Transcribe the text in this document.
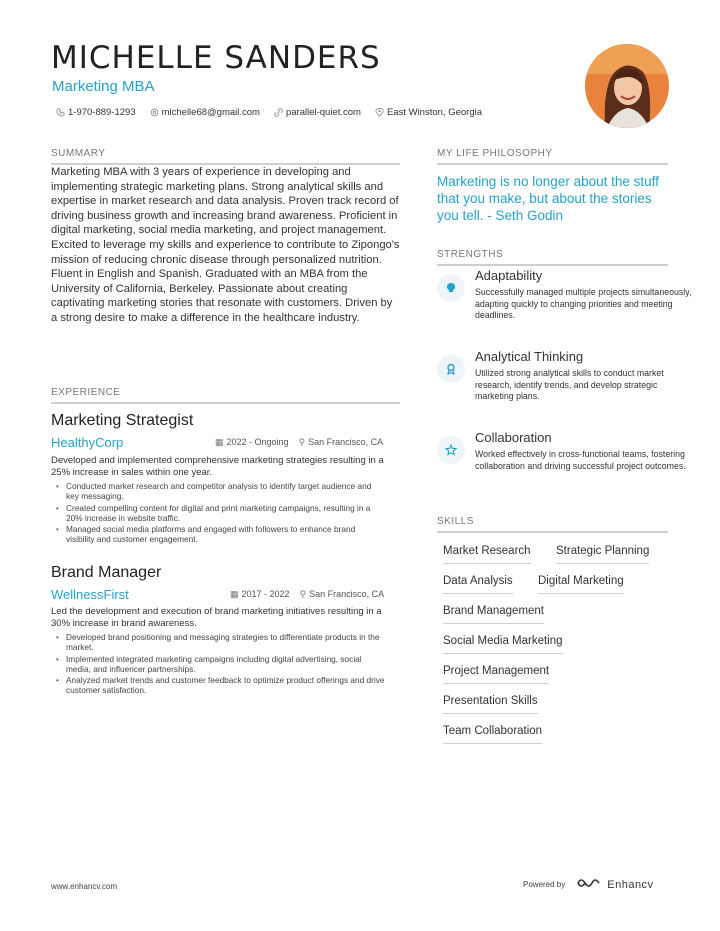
MICHELLE SANDERS
Marketing MBA
1-970-889-1293	michelle68@gmail.com	parallel-quiet.com	East Winston, Georgia
SUMMARY
Marketing MBA with 3 years of experience in developing and implementing strategic marketing plans. Strong analytical skills and expertise in market research and data analysis. Proven track record of driving business growth and increasing brand awareness. Proficient in digital marketing, social media marketing, and project management. Excited to leverage my skills and experience to contribute to Zipongo's mission of reducing chronic disease through personalized nutrition. Fluent in English and Spanish. Graduated with an MBA from the University of California, Berkeley. Passionate about creating captivating marketing stories that resonate with customers. Driven by a strong desire to make a difference in the healthcare industry.
EXPERIENCE
Marketing Strategist
HealthyCorp	▦ 2022 - Ongoing ⚲ San Francisco, CA
Developed and implemented comprehensive marketing strategies resulting in a 25% increase in sales within one year.
• Conducted market research and competitor analysis to identify target audience and key messaging.
• Created compelling content for digital and print marketing campaigns, resulting in a 20% increase in website traffic.
• Managed social media platforms and engaged with followers to enhance brand visibility and customer engagement.
Brand Manager
WellnessFirst	▦ 2017 - 2022 ⚲ San Francisco, CA
Led the development and execution of brand marketing initiatives resulting in a 30% increase in brand awareness.
• Developed brand positioning and messaging strategies to differentiate products in the market.
• Implemented integrated marketing campaigns including digital advertising, social media, and influencer partnerships.
• Analyzed market trends and customer feedback to optimize product offerings and drive customer satisfaction.
MY LIFE PHILOSOPHY
Marketing is no longer about the stuff that you make, but about the stories you tell. - Seth Godin
STRENGTHS
Adaptability
Successfully managed multiple projects simultaneously, adapting quickly to changing priorities and meeting deadlines.
Analytical Thinking
Utilized strong analytical skills to conduct market research, identify trends, and develop strategic marketing plans.
Collaboration
Worked effectively in cross-functional teams, fostering collaboration and driving successful project outcomes.
SKILLS
Market Research Strategic Planning
Data Analysis Digital Marketing
Brand Management
Social Media Marketing
Project Management
Presentation Skills
Team Collaboration
www.enhancv.com	Powered by	Enhancv
